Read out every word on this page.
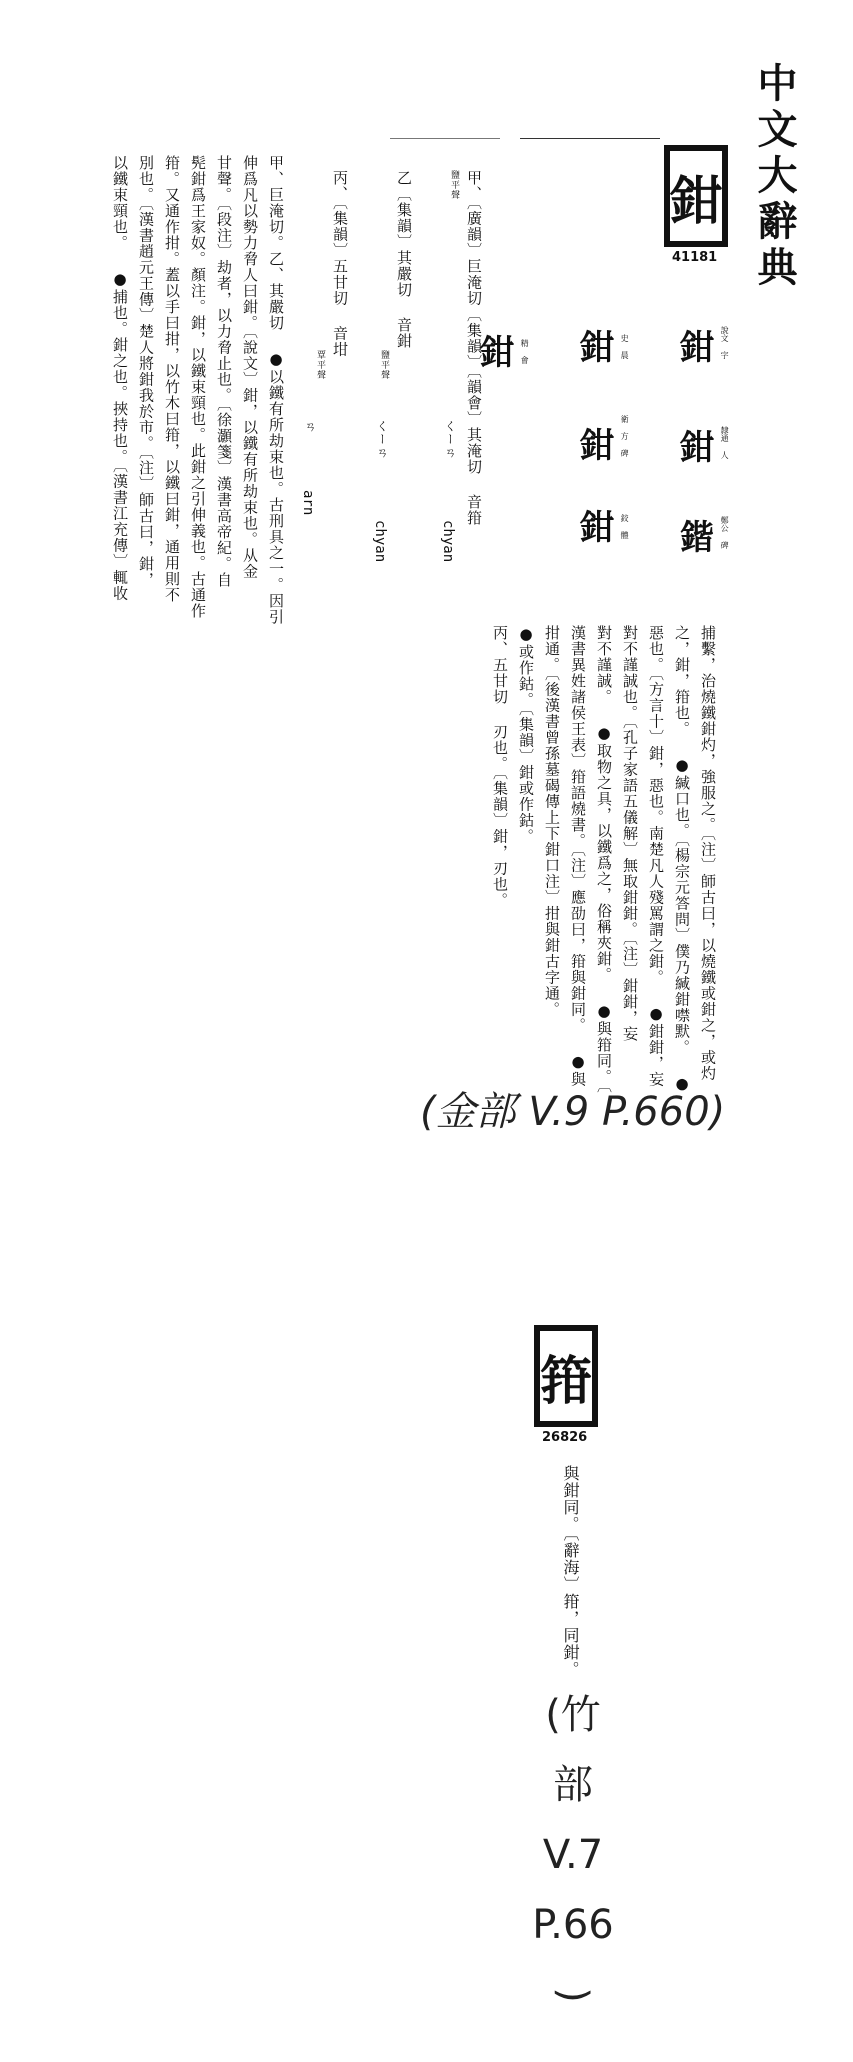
中文大辭典
鉗
41181
鉗 說文 字
鉗 隸通 人
鍇 鄭公 碑
鉗 史 晨
鉗 衛 方 碑
鉗 鉸 體
鉗 精 會
捕繫，治燒鐵鉗灼，強服之。〔注〕師古曰，以燒鐵或鉗之，或灼
之，鉗，箝也。 ●緘口也。〔楊宗元答問〕僕乃緘鉗噤默。 ●
惡也。〔方言十〕鉗，惡也。南楚凡人殘罵謂之鉗。 ●鉗鉗，妄
對不謹誠也。〔孔子家語五儀解〕無取鉗鉗。〔注〕鉗鉗，妄
對不謹誠。 ●取物之具，以鐵爲之，俗稱夾鉗。 ●與箝同。〔
漢書異姓諸侯王表〕箝語燒書。〔注〕應劭曰，箝與鉗同。 ●與
拑通。〔後漢書曾孫墓碣傳上下鉗口注〕拑與鉗古字通。
●或作鈷。〔集韻〕鉗或作鈷。
丙、五甘切 刃也。〔集韻〕鉗，刃也。
甲、〔廣韻〕巨淹切〔集韻〕〔韻會〕其淹切 音箝
鹽平聲
乙〔集韻〕其嚴切 音鉗
鹽平聲
丙、〔集韻〕五甘切 音坩
覃平聲
くーㄢ
くーㄢ
ㄢ
chyan
chyan
arn
甲、巨淹切。乙、其嚴切 ●以鐵有所劫束也。古刑具之一。因引
伸爲凡以勢力脅人曰鉗。〔說文〕鉗，以鐵有所劫束也。从金
甘聲。〔段注〕劫者，以力脅止也。〔徐灝箋〕漢書高帝紀。自
髡鉗爲王家奴。顏注。鉗，以鐵束頸也。此鉗之引伸義也。古通作
箝。又通作拑。蓋以手曰拑，以竹木曰箝，以鐵曰鉗，通用則不
別也。〔漢書趙元王傳〕楚人將鉗我於市。〔注〕師古曰，鉗，
以鐵束頸也。 ●捕也。鉗之也。挾持也。〔漢書江充傳〕輒收
(金部 V.9 P.660)
箝
26826
與鉗同。〔辭海〕箝，同鉗。
(竹
部
V.7
P.66
)
